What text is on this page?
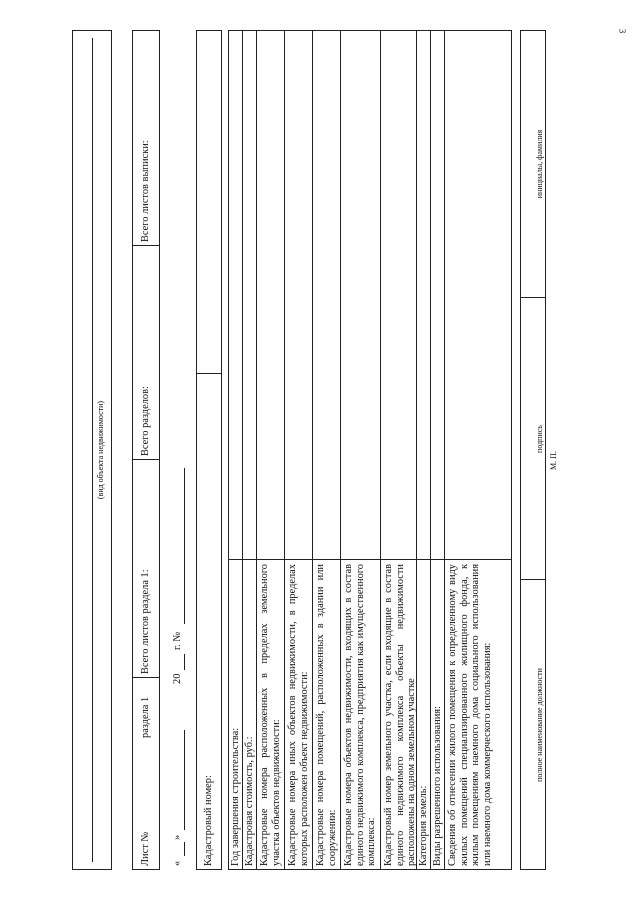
3
(вид объекта недвижимости)
Лист №
раздела 1
Всего листов раздела 1:
Всего разделов:
Всего листов выписки:
«
»
20
г. №
Кадастровый номер: Год завершения строительства: Кадастровая стоимость, руб.: Кадастровые номера расположенных в пределах земельного участка объектов недвижимости: Кадастровые номера иных объектов недвижимости, в пределах которых расположен объект недвижимости: Кадастровые номера помещений, расположенных в здании или сооружении: Кадастровые номера объектов недвижимости, входящих в состав единого недвижимого комплекса, предприятия как имущественного комплекса: Кадастровый номер земельного участка, если входящие в состав единого недвижимого комплекса объекты недвижимости расположены на одном земельном участке Категория земель: Виды разрешенного использования: Сведения об отнесении жилого помещения к определенному виду жилых помещений специализированного жилищного фонда, к жилым помещениям наемного дома социального использования или наемного дома коммерческого использования:	полное наименование должности
подпись
инициалы, фамилия
М. П.
